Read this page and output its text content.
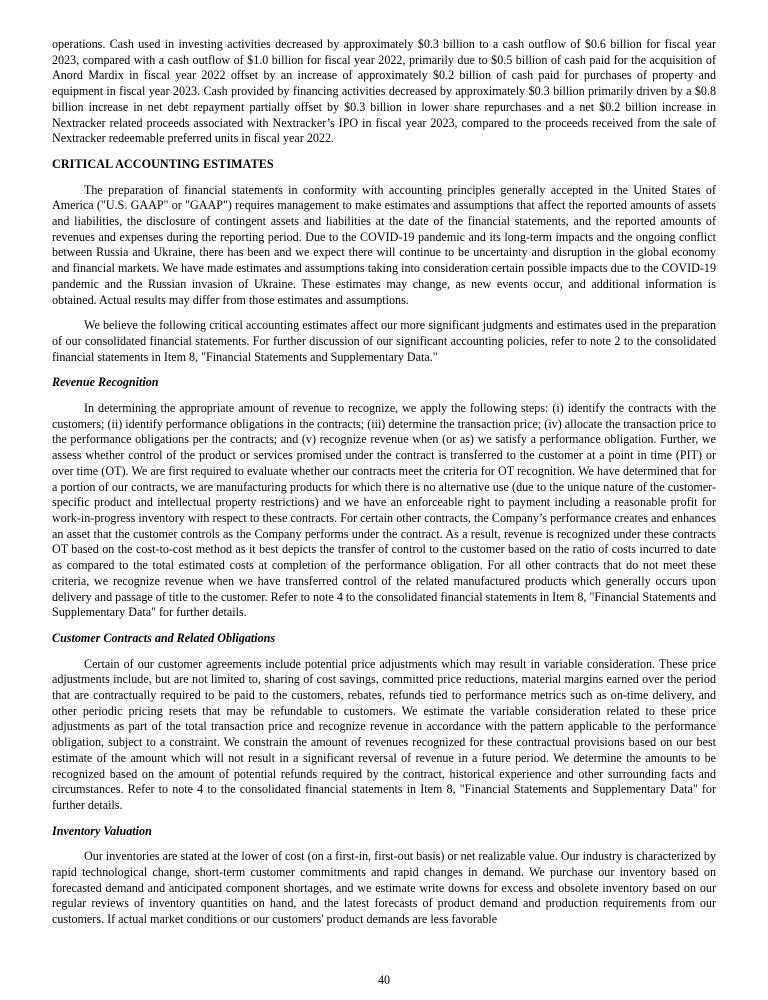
operations. Cash used in investing activities decreased by approximately $0.3 billion to a cash outflow of $0.6 billion for fiscal year 2023, compared with a cash outflow of $1.0 billion for fiscal year 2022, primarily due to $0.5 billion of cash paid for the acquisition of Anord Mardix in fiscal year 2022 offset by an increase of approximately $0.2 billion of cash paid for purchases of property and equipment in fiscal year 2023. Cash provided by financing activities decreased by approximately $0.3 billion primarily driven by a $0.8 billion increase in net debt repayment partially offset by $0.3 billion in lower share repurchases and a net $0.2 billion increase in Nextracker related proceeds associated with Nextracker’s IPO in fiscal year 2023, compared to the proceeds received from the sale of Nextracker redeemable preferred units in fiscal year 2022.

CRITICAL ACCOUNTING ESTIMATES

The preparation of financial statements in conformity with accounting principles generally accepted in the United States of America ("U.S. GAAP" or "GAAP") requires management to make estimates and assumptions that affect the reported amounts of assets and liabilities, the disclosure of contingent assets and liabilities at the date of the financial statements, and the reported amounts of revenues and expenses during the reporting period. Due to the COVID-19 pandemic and its long-term impacts and the ongoing conflict between Russia and Ukraine, there has been and we expect there will continue to be uncertainty and disruption in the global economy and financial markets. We have made estimates and assumptions taking into consideration certain possible impacts due to the COVID-19 pandemic and the Russian invasion of Ukraine. These estimates may change, as new events occur, and additional information is obtained. Actual results may differ from those estimates and assumptions.

We believe the following critical accounting estimates affect our more significant judgments and estimates used in the preparation of our consolidated financial statements. For further discussion of our significant accounting policies, refer to note 2 to the consolidated financial statements in Item 8, "Financial Statements and Supplementary Data."

Revenue Recognition

In determining the appropriate amount of revenue to recognize, we apply the following steps: (i) identify the contracts with the customers; (ii) identify performance obligations in the contracts; (iii) determine the transaction price; (iv) allocate the transaction price to the performance obligations per the contracts; and (v) recognize revenue when (or as) we satisfy a performance obligation. Further, we assess whether control of the product or services promised under the contract is transferred to the customer at a point in time (PIT) or over time (OT). We are first required to evaluate whether our contracts meet the criteria for OT recognition. We have determined that for a portion of our contracts, we are manufacturing products for which there is no alternative use (due to the unique nature of the customer-specific product and intellectual property restrictions) and we have an enforceable right to payment including a reasonable profit for work-in-progress inventory with respect to these contracts. For certain other contracts, the Company’s performance creates and enhances an asset that the customer controls as the Company performs under the contract. As a result, revenue is recognized under these contracts OT based on the cost-to-cost method as it best depicts the transfer of control to the customer based on the ratio of costs incurred to date as compared to the total estimated costs at completion of the performance obligation. For all other contracts that do not meet these criteria, we recognize revenue when we have transferred control of the related manufactured products which generally occurs upon delivery and passage of title to the customer. Refer to note 4 to the consolidated financial statements in Item 8, "Financial Statements and Supplementary Data" for further details.

Customer Contracts and Related Obligations

Certain of our customer agreements include potential price adjustments which may result in variable consideration. These price adjustments include, but are not limited to, sharing of cost savings, committed price reductions, material margins earned over the period that are contractually required to be paid to the customers, rebates, refunds tied to performance metrics such as on-time delivery, and other periodic pricing resets that may be refundable to customers. We estimate the variable consideration related to these price adjustments as part of the total transaction price and recognize revenue in accordance with the pattern applicable to the performance obligation, subject to a constraint. We constrain the amount of revenues recognized for these contractual provisions based on our best estimate of the amount which will not result in a significant reversal of revenue in a future period. We determine the amounts to be recognized based on the amount of potential refunds required by the contract, historical experience and other surrounding facts and circumstances. Refer to note 4 to the consolidated financial statements in Item 8, "Financial Statements and Supplementary Data" for further details.

Inventory Valuation

Our inventories are stated at the lower of cost (on a first-in, first-out basis) or net realizable value. Our industry is characterized by rapid technological change, short-term customer commitments and rapid changes in demand. We purchase our inventory based on forecasted demand and anticipated component shortages, and we estimate write downs for excess and obsolete inventory based on our regular reviews of inventory quantities on hand, and the latest forecasts of product demand and production requirements from our customers. If actual market conditions or our customers' product demands are less favorable

40
